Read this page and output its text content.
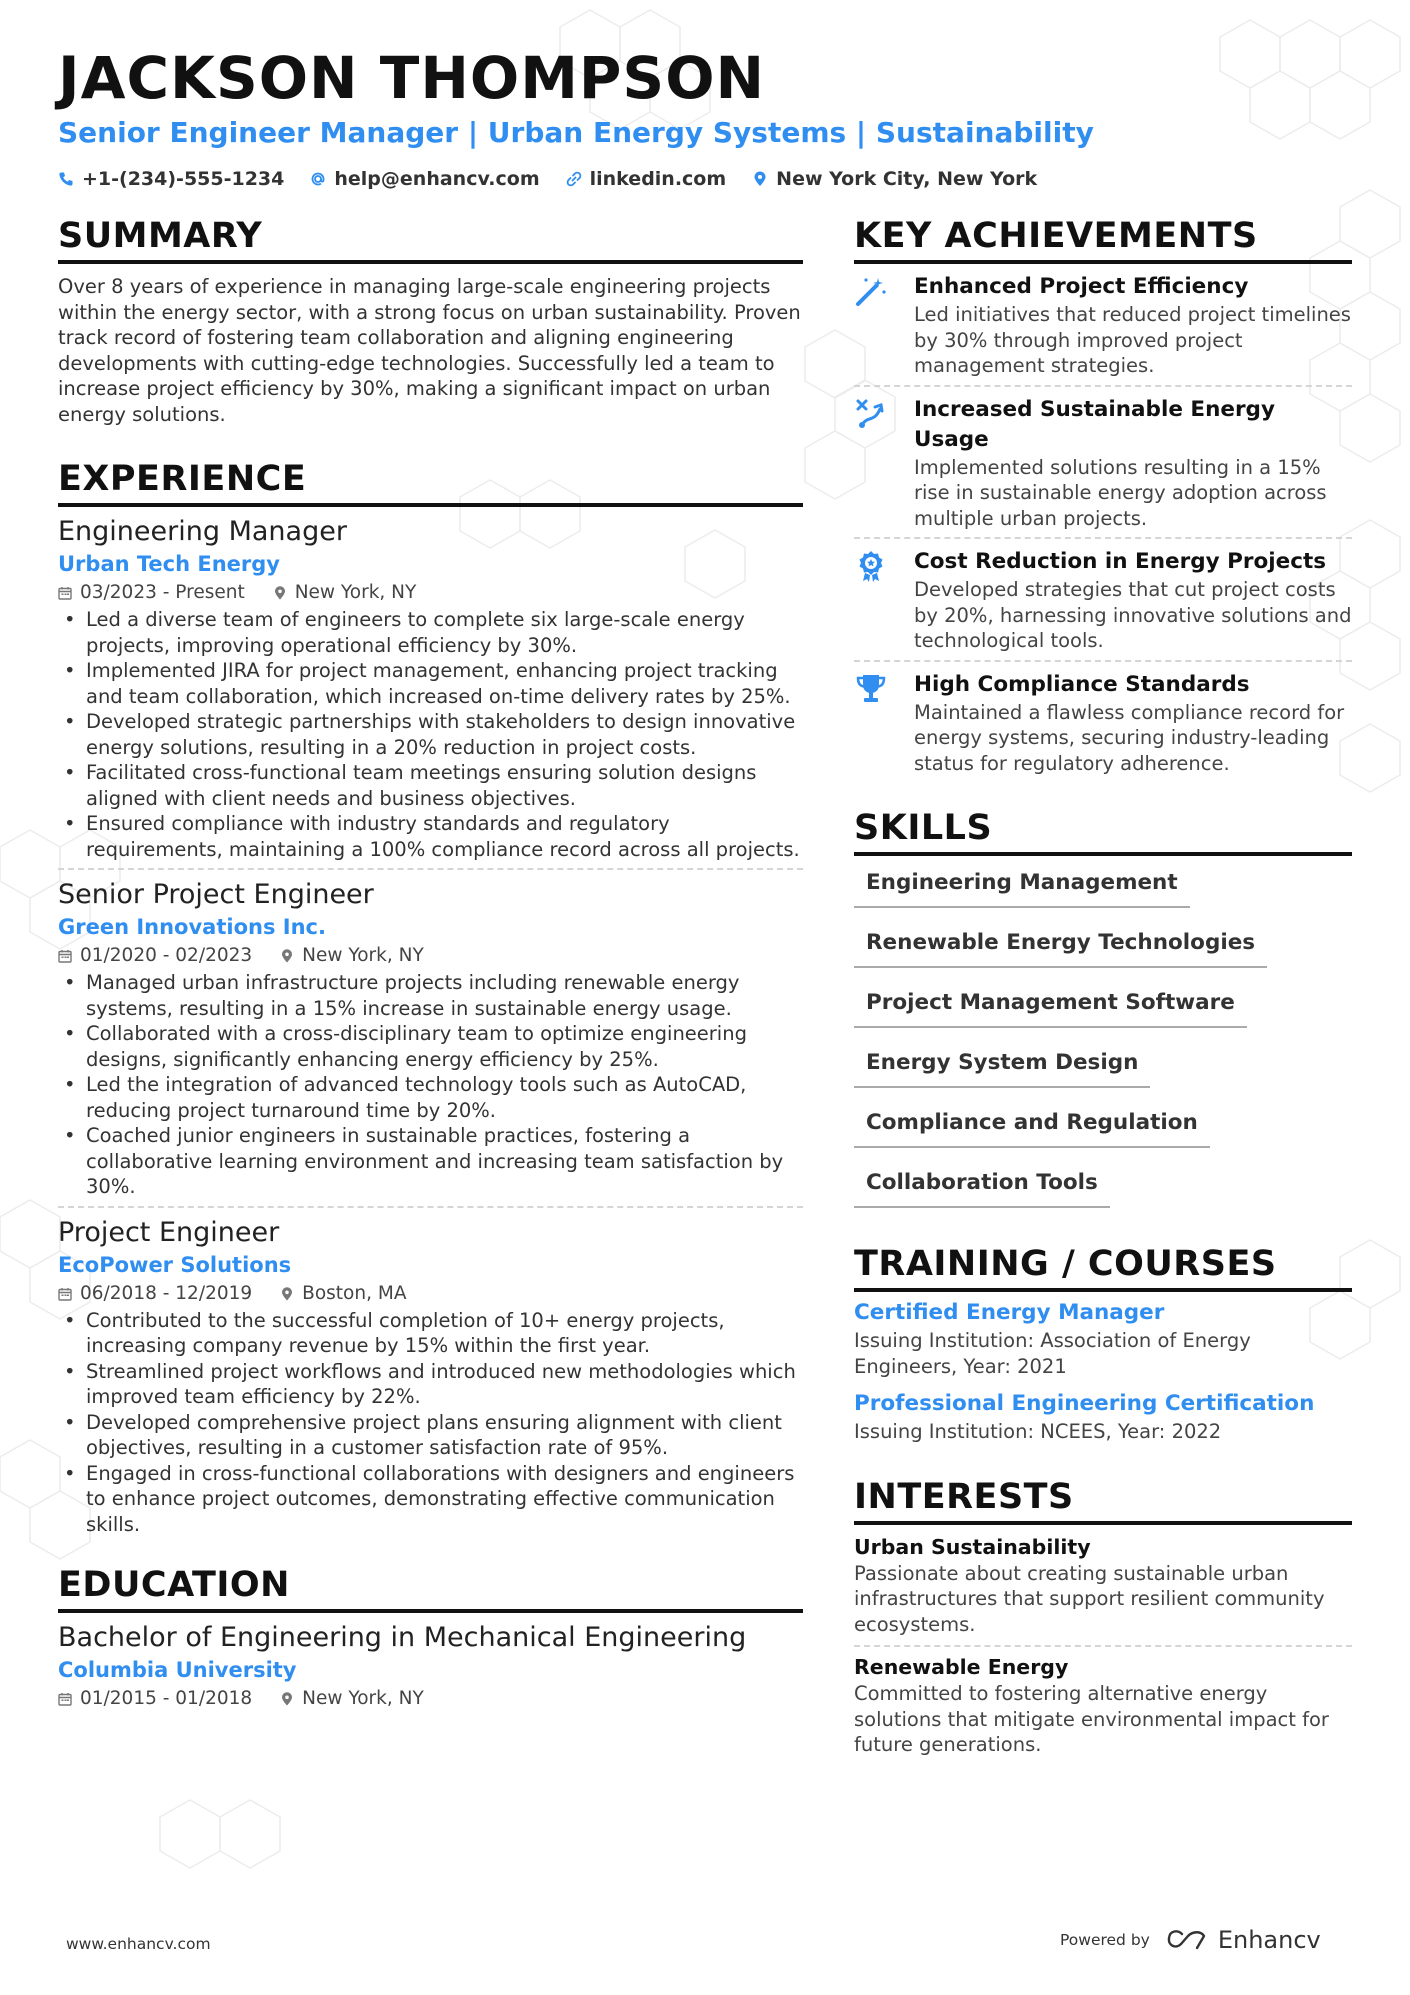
JACKSON THOMPSON
Senior Engineer Manager | Urban Energy Systems | Sustainability
+1-(234)-555-1234	help@enhancv.com	linkedin.com	New York City, New York
SUMMARY
Over 8 years of experience in managing large-scale engineering projects within the energy sector, with a strong focus on urban sustainability. Proven track record of fostering team collaboration and aligning engineering developments with cutting-edge technologies. Successfully led a team to increase project efficiency by 30%, making a significant impact on urban energy solutions.
EXPERIENCE
Engineering Manager
Urban Tech Energy
03/2023 - Present	New York, NY
• Led a diverse team of engineers to complete six large-scale energy projects, improving operational efficiency by 30%.
• Implemented JIRA for project management, enhancing project tracking and team collaboration, which increased on-time delivery rates by 25%.
• Developed strategic partnerships with stakeholders to design innovative energy solutions, resulting in a 20% reduction in project costs.
• Facilitated cross-functional team meetings ensuring solution designs aligned with client needs and business objectives.
• Ensured compliance with industry standards and regulatory requirements, maintaining a 100% compliance record across all projects.
Senior Project Engineer
Green Innovations Inc.
01/2020 - 02/2023	New York, NY
• Managed urban infrastructure projects including renewable energy systems, resulting in a 15% increase in sustainable energy usage.
• Collaborated with a cross-disciplinary team to optimize engineering designs, significantly enhancing energy efficiency by 25%.
• Led the integration of advanced technology tools such as AutoCAD, reducing project turnaround time by 20%.
• Coached junior engineers in sustainable practices, fostering a collaborative learning environment and increasing team satisfaction by 30%.
Project Engineer
EcoPower Solutions
06/2018 - 12/2019	Boston, MA
• Contributed to the successful completion of 10+ energy projects, increasing company revenue by 15% within the first year.
• Streamlined project workflows and introduced new methodologies which improved team efficiency by 22%.
• Developed comprehensive project plans ensuring alignment with client objectives, resulting in a customer satisfaction rate of 95%.
• Engaged in cross-functional collaborations with designers and engineers to enhance project outcomes, demonstrating effective communication skills.
EDUCATION
Bachelor of Engineering in Mechanical Engineering
Columbia University
01/2015 - 01/2018	New York, NY
KEY ACHIEVEMENTS
Enhanced Project Efficiency
Led initiatives that reduced project timelines by 30% through improved project management strategies.
Increased Sustainable Energy Usage
Implemented solutions resulting in a 15% rise in sustainable energy adoption across multiple urban projects.
Cost Reduction in Energy Projects
Developed strategies that cut project costs by 20%, harnessing innovative solutions and technological tools.
High Compliance Standards
Maintained a flawless compliance record for energy systems, securing industry-leading status for regulatory adherence.
SKILLS
Engineering Management
Renewable Energy Technologies
Project Management Software
Energy System Design
Compliance and Regulation
Collaboration Tools
TRAINING / COURSES
Certified Energy Manager
Issuing Institution: Association of Energy Engineers, Year: 2021
Professional Engineering Certification
Issuing Institution: NCEES, Year: 2022
INTERESTS
Urban Sustainability
Passionate about creating sustainable urban infrastructures that support resilient community ecosystems.
Renewable Energy
Committed to fostering alternative energy solutions that mitigate environmental impact for future generations.
www.enhancv.com	Powered by	Enhancv
